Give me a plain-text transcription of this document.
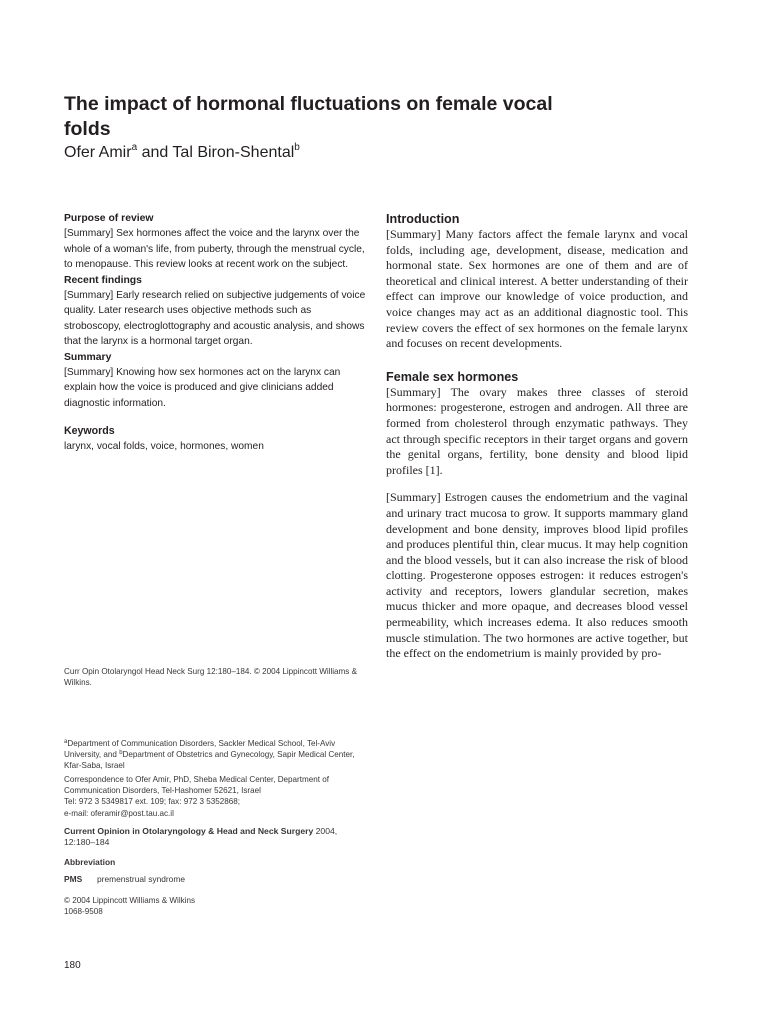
The impact of hormonal fluctuations on female vocal folds
Ofer Amir$^a$ and Tal Biron-Shental$^b$
Purpose of review

[Summary] Sex hormones affect the voice and the larynx over the whole of a woman's life, from puberty, through the menstrual cycle, to menopause. This review looks at recent work on the subject.

Recent findings

[Summary] Early research relied on subjective judgements of voice quality. Later research uses objective methods such as stroboscopy, electroglottography and acoustic analysis, and shows that the larynx is a hormonal target organ.

Summary

[Summary] Knowing how sex hormones act on the larynx can explain how the voice is produced and give clinicians added diagnostic information.

Keywords
larynx, vocal folds, voice, hormones, women
Curr Opin Otolaryngol Head Neck Surg 12:180–184. © 2004 Lippincott Williams & Wilkins.
$^a$Department of Communication Disorders, Sackler Medical School, Tel-Aviv University, and $^b$Department of Obstetrics and Gynecology, Sapir Medical Center, Kfar-Saba, Israel
Correspondence to Ofer Amir, PhD, Sheba Medical Center, Department of Communication Disorders, Tel-Hashomer 52621, Israel
Tel: 972 3 5349817 ext. 109; fax: 972 3 5352868;
e-mail: oferamir@post.tau.ac.il
Current Opinion in Otolaryngology & Head and Neck Surgery 2004,
12:180–184
Abbreviation
PMS premenstrual syndrome
© 2004 Lippincott Williams & Wilkins
1068-9508
180
Introduction

[Summary] Many factors affect the female larynx and vocal folds, including age, development, disease, medication and hormonal state. Sex hormones are one of them and are of theoretical and clinical interest. A better understanding of their effect can improve our knowledge of voice production, and voice changes may act as an additional diagnostic tool. This review covers the effect of sex hormones on the female larynx and focuses on recent developments.

Female sex hormones

[Summary] The ovary makes three classes of steroid hormones: progesterone, estrogen and androgen. All three are formed from cholesterol through enzymatic pathways. They act through specific receptors in their target organs and govern the genital organs, fertility, bone density and blood lipid profiles [1].

[Summary] Estrogen causes the endometrium and the vaginal and urinary tract mucosa to grow. It supports mammary gland development and bone density, improves blood lipid profiles and produces plentiful thin, clear mucus. It may help cognition and the blood vessels, but it can also increase the risk of blood clotting. Progesterone opposes estrogen: it reduces estrogen's activity and receptors, lowers glandular secretion, makes mucus thicker and more opaque, and decreases blood vessel permeability, which increases edema. It also reduces smooth muscle stimulation. The two hormones are active together, but the effect on the endometrium is mainly provided by pro-
